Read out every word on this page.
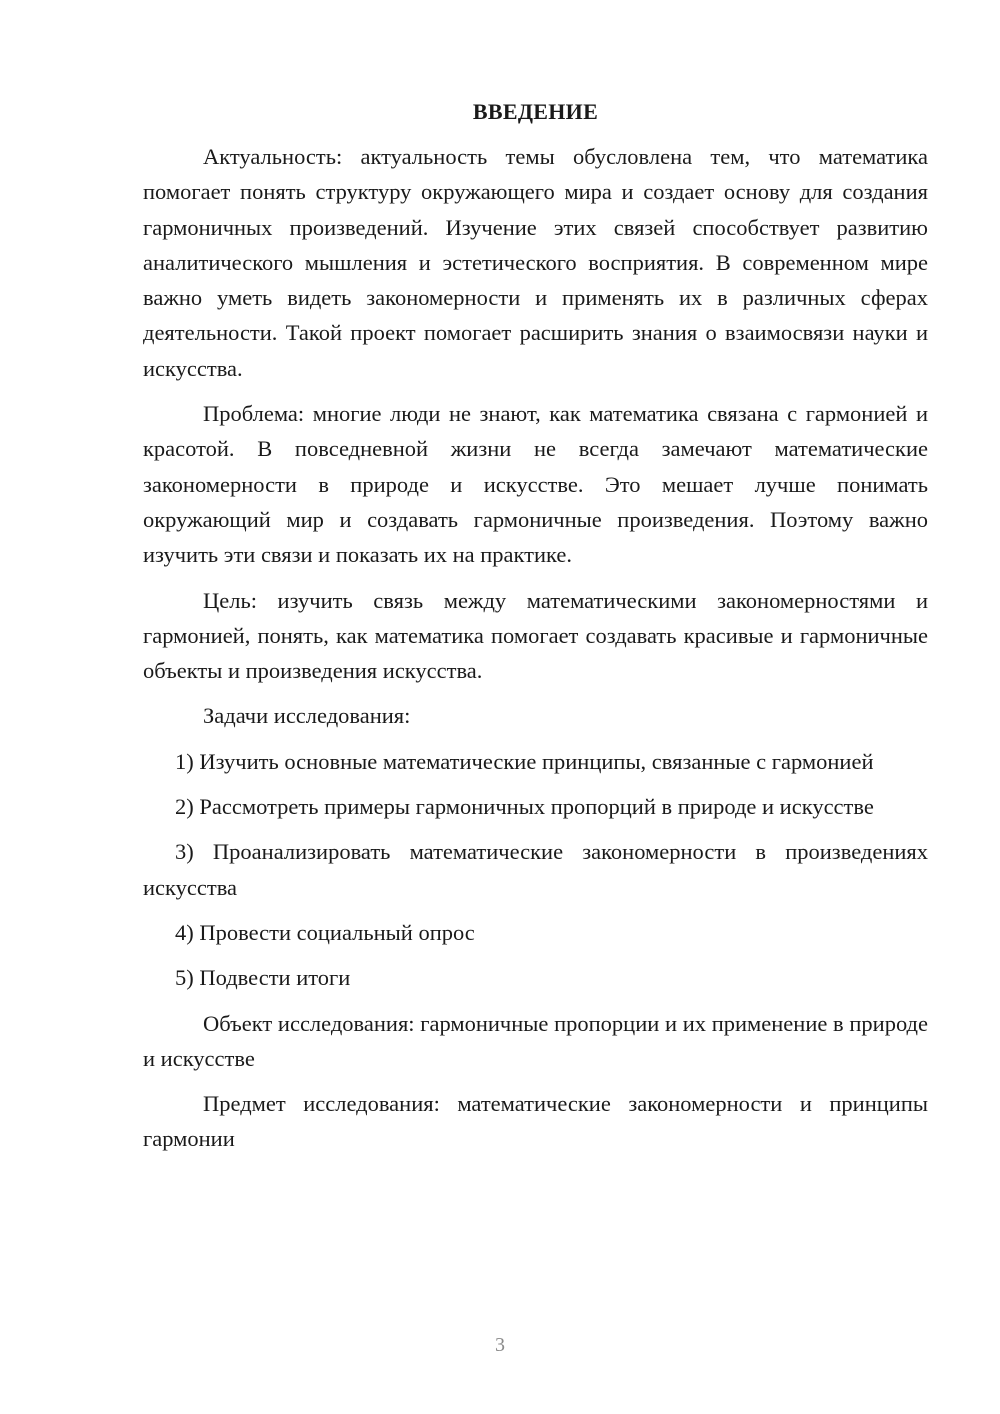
ВВЕДЕНИЕ

Актуальность: актуальность темы обусловлена тем, что математика помогает понять структуру окружающего мира и создает основу для создания гармоничных произведений. Изучение этих связей способствует развитию аналитического мышления и эстетического восприятия. В современном мире важно уметь видеть закономерности и применять их в различных сферах деятельности. Такой проект помогает расширить знания о взаимосвязи науки и искусства.

Проблема: многие люди не знают, как математика связана с гармонией и красотой. В повседневной жизни не всегда замечают математические закономерности в природе и искусстве. Это мешает лучше понимать окружающий мир и создавать гармоничные произведения. Поэтому важно изучить эти связи и показать их на практике.

Цель: изучить связь между математическими закономерностями и гармонией, понять, как математика помогает создавать красивые и гармоничные объекты и произведения искусства.

Задачи исследования:

1) Изучить основные математические принципы, связанные с гармонией

2) Рассмотреть примеры гармоничных пропорций в природе и искусстве

3) Проанализировать математические закономерности в произведениях искусства

4) Провести социальный опрос

5) Подвести итоги

Объект исследования: гармоничные пропорции и их применение в природе и искусстве

Предмет исследования: математические закономерности и принципы гармонии

3
